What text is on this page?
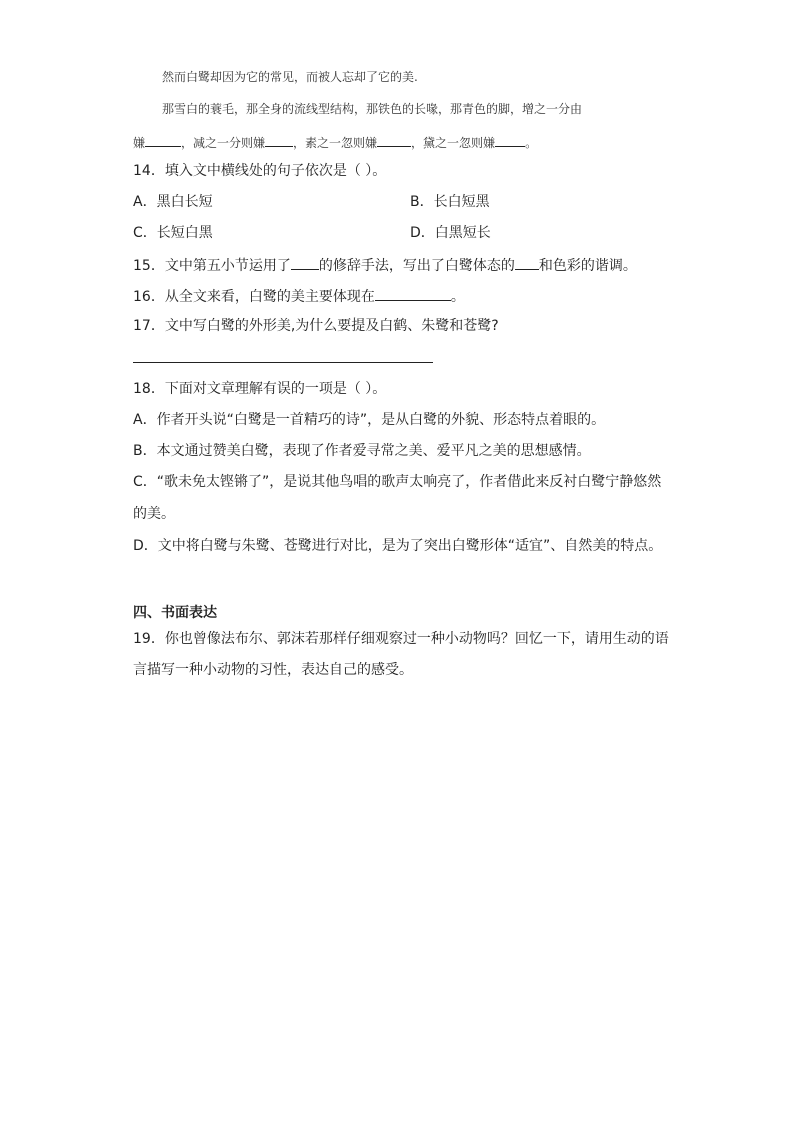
然而白鹭却因为它的常见，而被人忘却了它的美.
那雪白的蓑毛，那全身的流线型结构，那铁色的长喙，那青色的脚，增之一分由
嫌	，减之一分则嫌 ，素之一忽则嫌	，黛之一忽则嫌	。
14．填入文中横线处的句子依次是（ ）。
A．黑白长短	B．长白短黑
C．长短白黑	D．白黑短长
15．文中第五小节运用了 的修辞手法，写出了白鹭体态的 和色彩的谐调。
16．从全文来看，白鹭的美主要体现在	。
17．文中写白鹭的外形美,为什么要提及白鹤、朱鹭和苍鹭?
18．下面对文章理解有误的一项是（ ）。
A．作者开头说“白鹭是一首精巧的诗”，是从白鹭的外貌、形态特点着眼的。
B．本文通过赞美白鹭，表现了作者爱寻常之美、爱平凡之美的思想感情。
C．“歌未免太铿锵了”，是说其他鸟唱的歌声太响亮了，作者借此来反衬白鹭宁静悠然
的美。
D．文中将白鹭与朱鹭、苍鹭进行对比，是为了突出白鹭形体“适宜”、自然美的特点。
四、书面表达
19．你也曾像法布尔、郭沫若那样仔细观察过一种小动物吗？回忆一下，请用生动的语
言描写一种小动物的习性，表达自己的感受。
